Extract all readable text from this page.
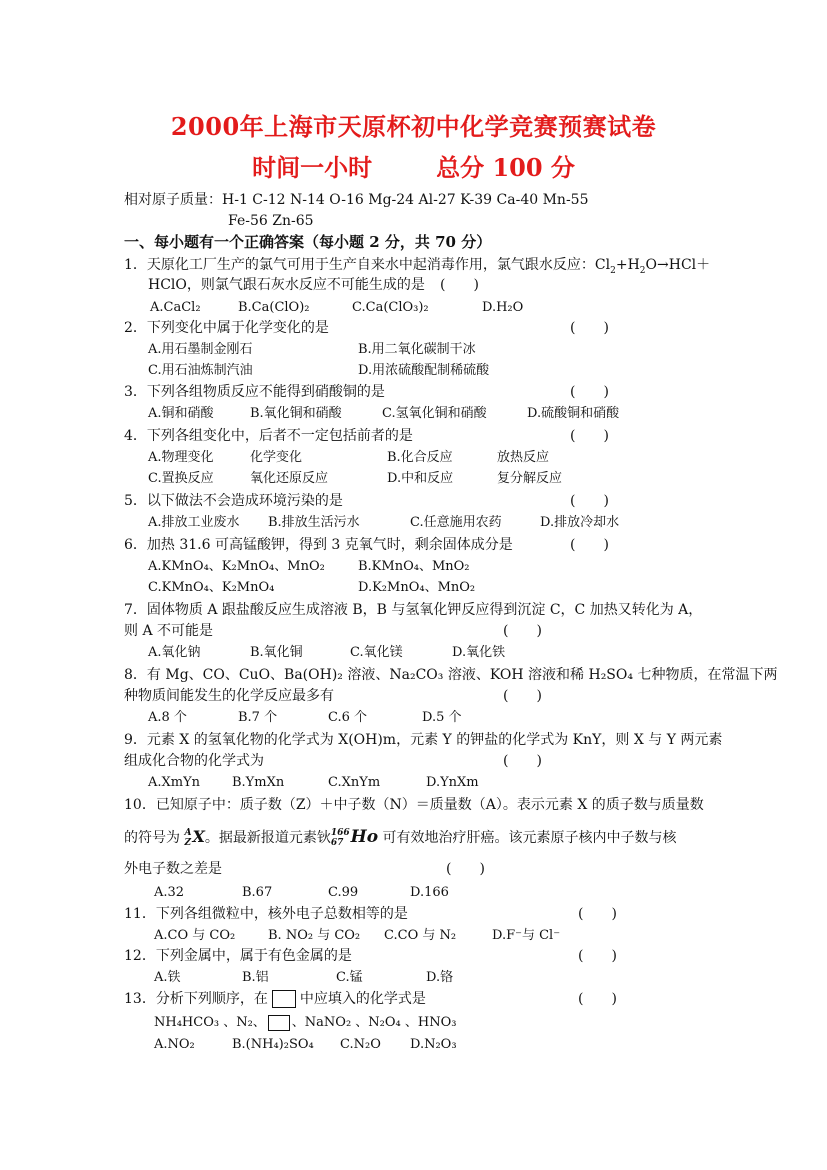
2000年上海市天原杯初中化学竞赛预赛试卷
时间一小时	总分 100 分
相对原子质量：H-1 C-12 N-14 O-16 Mg-24 Al-27 K-39 Ca-40 Mn-55
Fe-56 Zn-65
一、每小题有一个正确答案（每小题 2 分，共 70 分）
1．天原化工厂生产的氯气可用于生产自来水中起消毒作用，氯气跟水反应：$Cl_2+H_2O\to HCl+$
HClO，则氯气跟石灰水反应不可能生成的是 (　　)
A.CaCl₂	B.Ca(ClO)₂	C.Ca(ClO₃)₂	D.H₂O
2．下列变化中属于化学变化的是	(　　)
A.用石墨制金刚石	B.用二氧化碳制干冰
C.用石油炼制汽油	D.用浓硫酸配制稀硫酸
3．下列各组物质反应不能得到硝酸铜的是	(　　)
A.铜和硝酸	B.氧化铜和硝酸	C.氢氧化铜和硝酸	D.硫酸铜和硝酸
4．下列各组变化中，后者不一定包括前者的是	(　　)
A.物理变化	化学变化	B.化合反应	放热反应
C.置换反应	氧化还原反应	D.中和反应	复分解反应
5．以下做法不会造成环境污染的是	(　　)
A.排放工业废水 B.排放生活污水	C.任意施用农药	D.排放冷却水
6．加热 31.6 可高锰酸钾，得到 3 克氧气时，剩余固体成分是	(　　)
A.KMnO₄、K₂MnO₄、MnO₂	B.KMnO₄、MnO₂
C.KMnO₄、K₂MnO₄	D.K₂MnO₄、MnO₂
7．固体物质 A 跟盐酸反应生成溶液 B，B 与氢氧化钾反应得到沉淀 C，C 加热又转化为 A，
则 A 不可能是	(　　)
A.氧化钠	B.氧化铜	C.氧化镁	D.氧化铁
8．有 Mg、CO、CuO、Ba(OH)₂ 溶液、Na₂CO₃ 溶液、KOH 溶液和稀 H₂SO₄ 七种物质，在常温下两
种物质间能发生的化学反应最多有	(　　)
A.8 个	B.7 个	C.6 个	D.5 个
9．元素 X 的氢氧化物的化学式为 X(OH)m，元素 Y 的钾盐的化学式为 KnY，则 X 与 Y 两元素
组成化合物的化学式为	(　　)
A.XmYn B.YmXn	C.XnYm	D.YnXm
10．已知原子中：质子数（Z）＋中子数（N）＝质量数（A）。表示元素 X 的质子数与质量数
的符号为 A
Z X。据最新报道元素钬 166
67 Ho 可有效地治疗肝癌。该元素原子核内中子数与核
外电子数之差是	(　　)
A.32	B.67	C.99	D.166
11．下列各组微粒中，核外电子总数相等的是	(　　)
A.CO 与 CO₂	B. NO₂ 与 CO₂ C.CO 与 N₂	D.F⁻与 Cl⁻
12．下列金属中，属于有色金属的是	(　　)
A.铁	B.铝	C.锰	D.铬
13．分析下列顺序，在 中应填入的化学式是	(　　)
NH₄HCO₃ 、N₂、 、NaNO₂ 、N₂O₄ 、HNO₃
A.NO₂	B.(NH₄)₂SO₄ C.N₂O D.N₂O₃
